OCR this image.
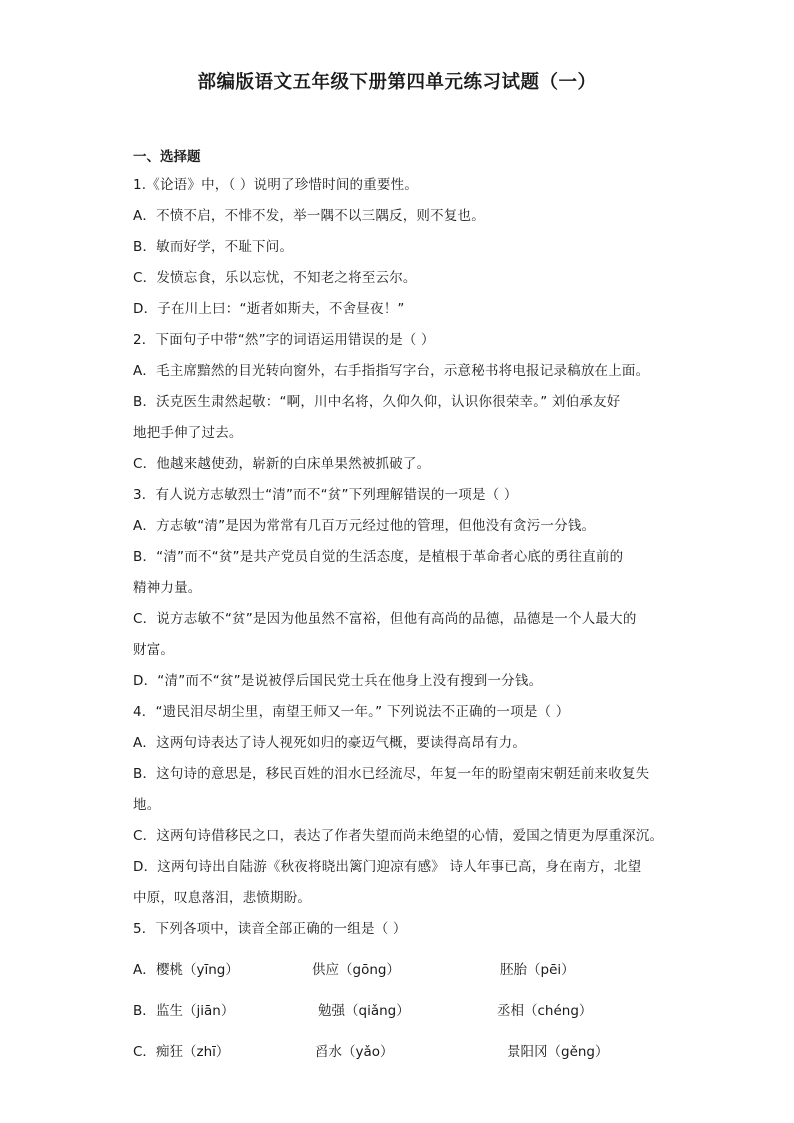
部编版语文五年级下册第四单元练习试题（一）
一、选择题
1.《论语》中，（ ）说明了珍惜时间的重要性。
A．不愤不启，不悱不发，举一隅不以三隅反，则不复也。
B．敏而好学，不耻下问。
C．发愤忘食，乐以忘忧，不知老之将至云尔。
D．子在川上曰：“逝者如斯夫，不舍昼夜！”
2．下面句子中带“然”字的词语运用错误的是（ ）
A．毛主席黯然的目光转向窗外，右手指指写字台，示意秘书将电报记录稿放在上面。
B．沃克医生肃然起敬：“啊，川中名将，久仰久仰，认识你很荣幸。” 刘伯承友好
地把手伸了过去。
C．他越来越使劲，崭新的白床单果然被抓破了。
3．有人说方志敏烈士“清”而不“贫”下列理解错误的一项是（ ）
A．方志敏“清”是因为常常有几百万元经过他的管理，但他没有贪污一分钱。
B．“清”而不“贫”是共产党员自觉的生活态度，是植根于革命者心底的勇往直前的
精神力量。
C．说方志敏不“贫”是因为他虽然不富裕，但他有高尚的品德，品德是一个人最大的
财富。
D．“清”而不“贫”是说被俘后国民党士兵在他身上没有搜到一分钱。
4．“遗民泪尽胡尘里，南望王师又一年。” 下列说法不正确的一项是（ ）
A．这两句诗表达了诗人视死如归的豪迈气概，要读得高昂有力。
B．这句诗的意思是，移民百姓的泪水已经流尽，年复一年的盼望南宋朝廷前来收复失
地。
C．这两句诗借移民之口，表达了作者失望而尚未绝望的心情，爱国之情更为厚重深沉。
D．这两句诗出自陆游《秋夜将晓出篱门迎凉有感》 诗人年事已高，身在南方，北望
中原，叹息落泪，悲愤期盼。
5．下列各项中，读音全部正确的一组是（ ）
A． 樱桃（yīng）	供应（gōng）	胚胎（pēi）
B． 监生（jiān）	勉强（qiǎng）	丞相（chéng）
C． 痴狂（zhī）	舀水（yǎo）	景阳冈（gěng）
